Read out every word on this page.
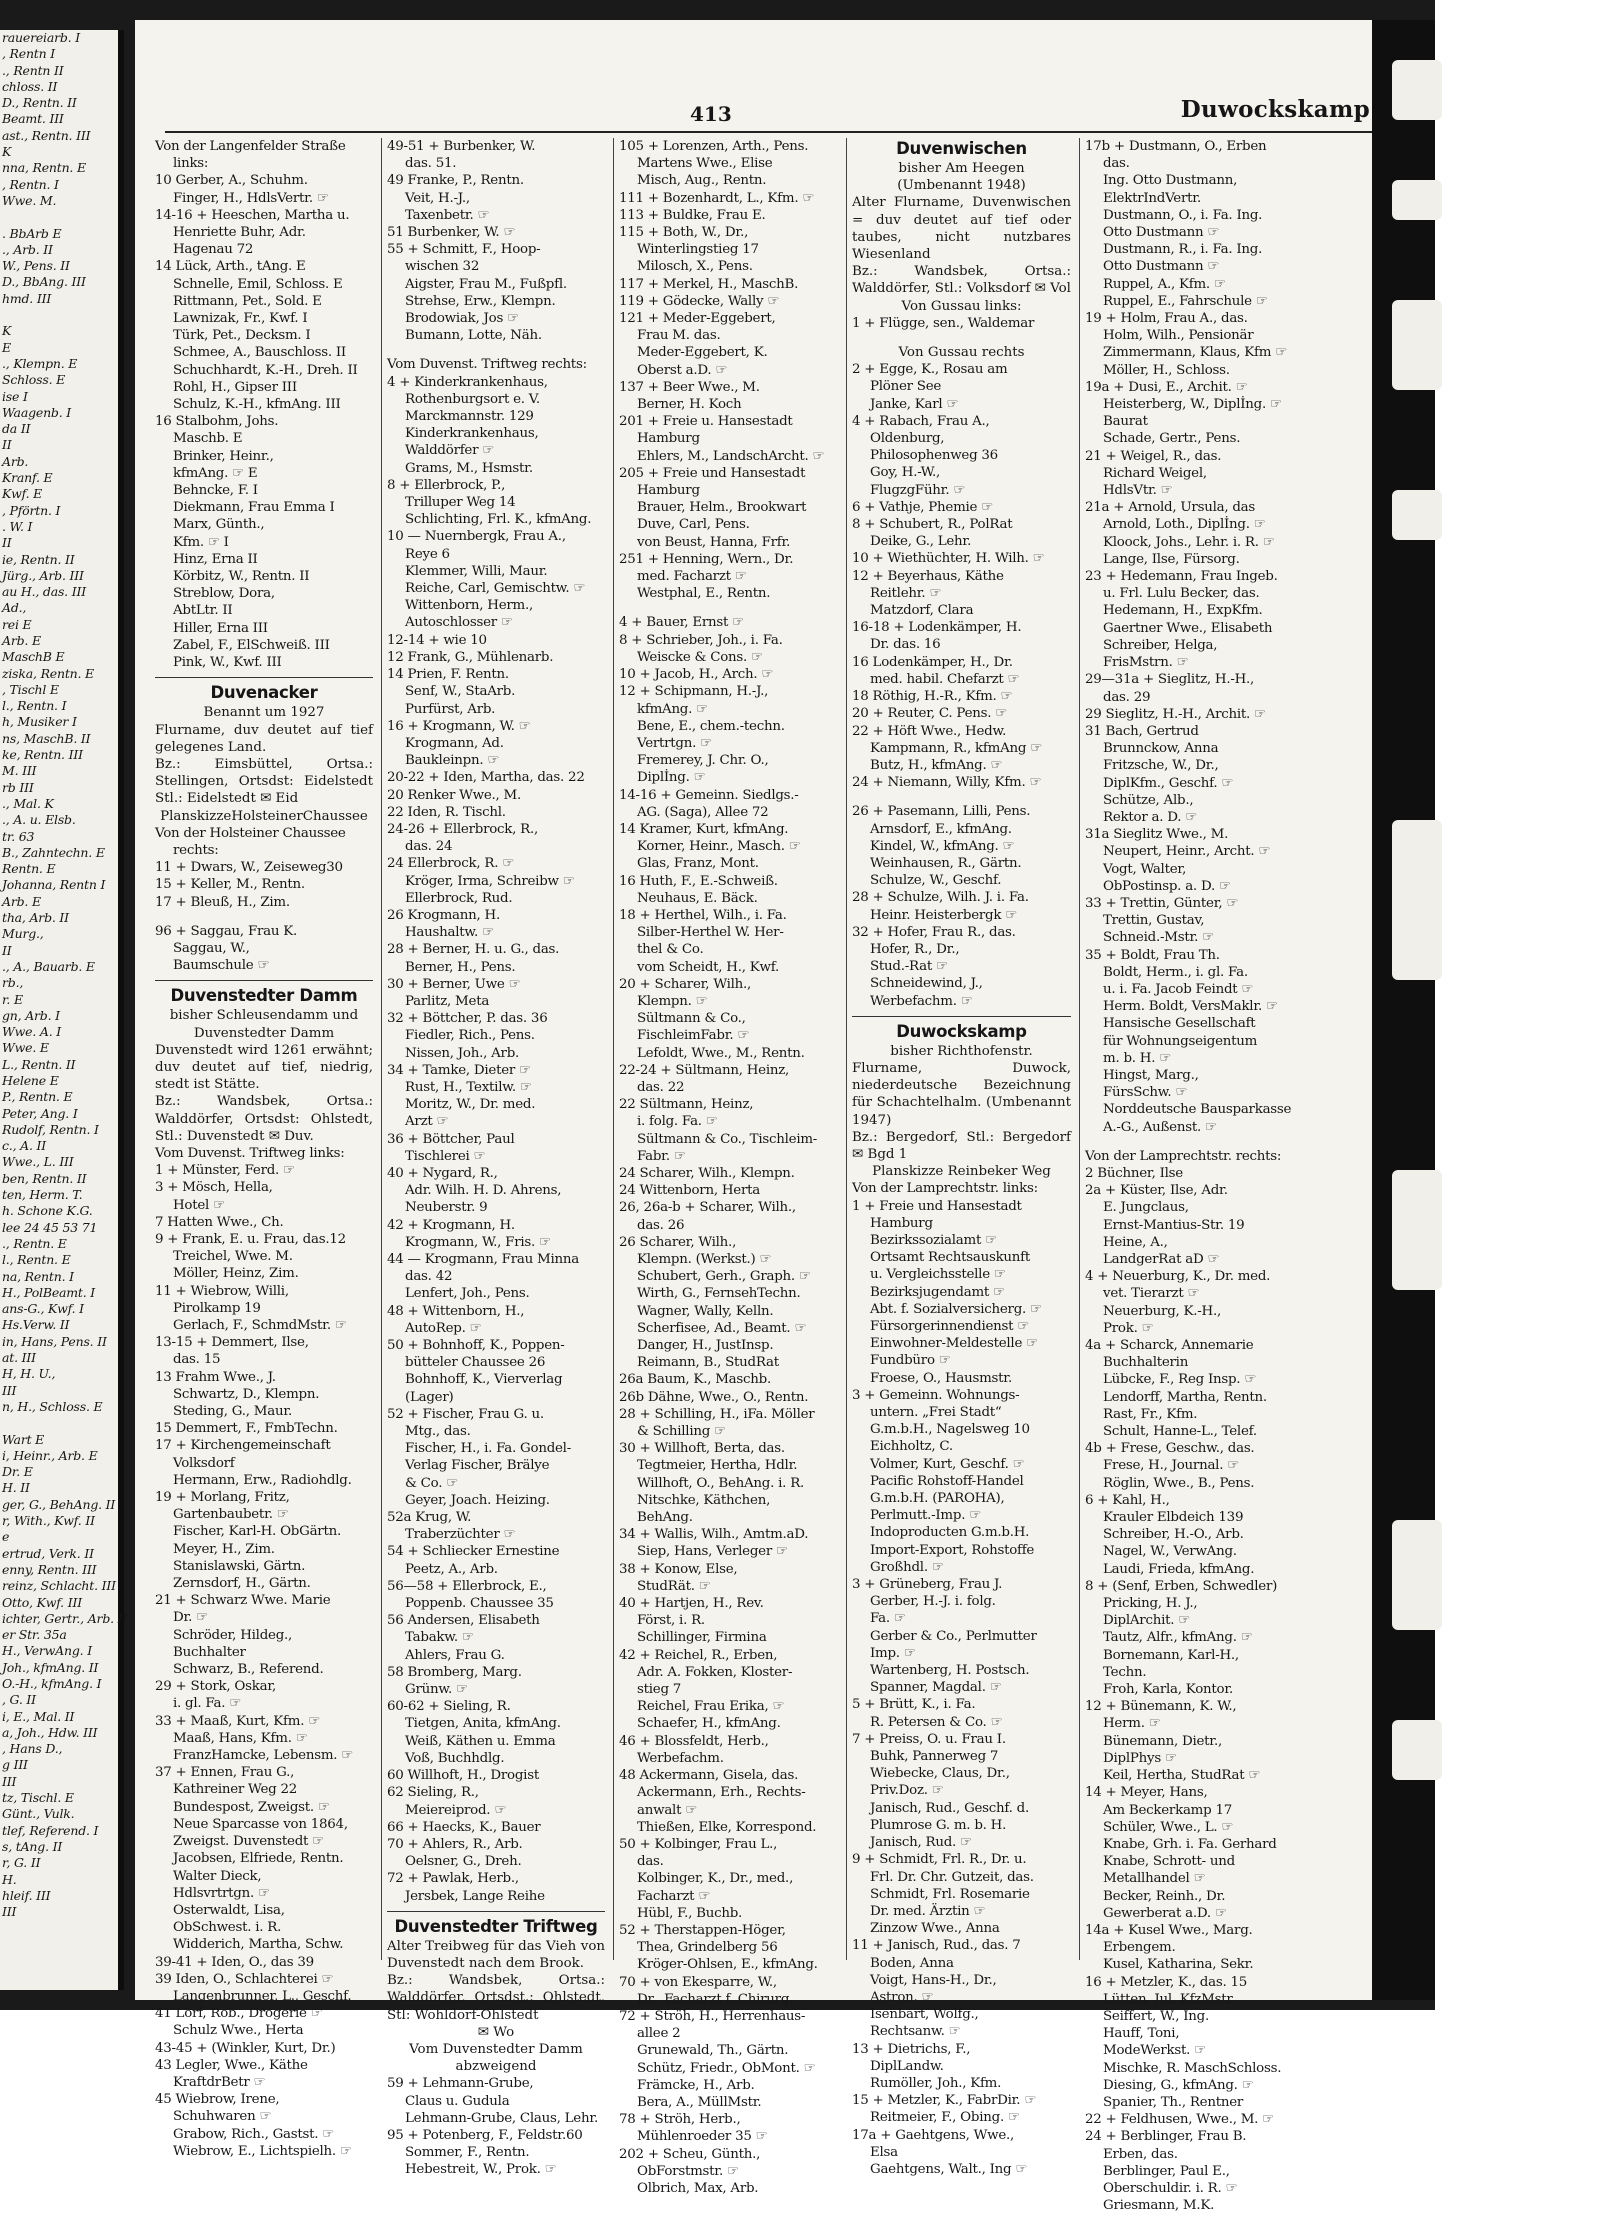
rauereiarb. I
, Rentn I
., Rentn II
chloss. II
D., Rentn. II
Beamt. III
ast., Rentn. III
K
nna, Rentn. E
, Rentn. I
Wwe. M.

. BbArb E
., Arb. II
W., Pens. II
D., BbAng. III
hmd. III

K
E
., Klempn. E
Schloss. E
ise I
Waagenb. I
da II
II
Arb.
Kranf. E
Kwf. E
, Pförtn. I
. W. I
II
ie, Rentn. II
Jürg., Arb. III
au H., das. III
Ad.,
rei E
Arb. E
MaschB E
ziska, Rentn. E
, Tischl E
l., Rentn. I
h, Musiker I
ns, MaschB. II
ke, Rentn. III
M. III
rb III
., Mal. K
., A. u. Elsb.
tr. 63
B., Zahntechn. E
Rentn. E
Johanna, Rentn I
Arb. E
tha, Arb. II
Murg.,
II
., A., Bauarb. E
rb.,
r. E
gn, Arb. I
Wwe. A. I
Wwe. E
L., Rentn. II
Helene E
P., Rentn. E
Peter, Ang. I
Rudolf, Rentn. I
c., A. II
Wwe., L. III
ben, Rentn. II
ten, Herm. T.
h. Schone K.G.
lee 24 45 53 71
., Rentn. E
l., Rentn. E
na, Rentn. I
H., PolBeamt. I
ans-G., Kwf. I
Hs.Verw. II
in, Hans, Pens. II
at. III
H, H. U.,
III
n, H., Schloss. E

Wart E
i, Heinr., Arb. E
Dr. E
H. II
ger, G., BehAng. II
r, With., Kwf. II
e
ertrud, Verk. II
enny, Rentn. III
reinz, Schlacht. III
Otto, Kwf. III
ichter, Gertr., Arb. II
er Str. 35a
H., VerwAng. I
Joh., kfmAng. II
O.-H., kfmAng. I
, G. II
i, E., Mal. II
a, Joh., Hdw. III
, Hans D.,
g III
III
tz, Tischl. E
Günt., Vulk.
tlef, Referend. I
s, tAng. II
r, G. II
H.
hleif. III
III
413	Duwockskamp
Von der Langenfelder Straße
links:
10 Gerber, A., Schuhm.
Finger, H., HdlsVertr. ☞
14-16 + Heeschen, Martha u.
Henriette Buhr, Adr.
Hagenau 72
14 Lück, Arth., tAng. E
Schnelle, Emil, Schloss. E
Rittmann, Pet., Sold. E
Lawnizak, Fr., Kwf. I
Türk, Pet., Decksm. I
Schmee, A., Bauschloss. II
Schuchhardt, K.-H., Dreh. II
Rohl, H., Gipser III
Schulz, K.-H., kfmAng. III
16 Stalbohm, Johs.
Maschb. E
Brinker, Heinr.,
kfmAng. ☞ E
Behncke, F. I
Diekmann, Frau Emma I
Marx, Günth.,
Kfm. ☞ I
Hinz, Erna II
Körbitz, W., Rentn. II
Streblow, Dora,
AbtLtr. II
Hiller, Erna III
Zabel, F., ElSchweiß. III
Pink, W., Kwf. III
Duvenacker
Benannt um 1927
Flurname, duv deutet auf tief gelegenes Land.
Bz.: Eimsbüttel, Ortsa.: Stellingen, Ortsdst: Eidelstedt Stl.: Eidelstedt ✉ Eid
PlanskizzeHolsteinerChaussee
Von der Holsteiner Chaussee
rechts:
11 + Dwars, W., Zeiseweg30
15 + Keller, M., Rentn.
17 + Bleuß, H., Zim.
96 + Saggau, Frau K.
Saggau, W.,
Baumschule ☞
Duvenstedter Damm
bisher Schleusendamm und
Duvenstedter Damm
Duvenstedt wird 1261 erwähnt; duv deutet auf tief, niedrig, stedt ist Stätte.
Bz.: Wandsbek, Ortsa.: Walddörfer, Ortsdst: Ohlstedt, Stl.: Duvenstedt ✉ Duv.
Vom Duvenst. Triftweg links:
1 + Münster, Ferd. ☞
3 + Mösch, Hella,
Hotel ☞
7 Hatten Wwe., Ch.
9 + Frank, E. u. Frau, das.12
Treichel, Wwe. M.
Möller, Heinz, Zim.
11 + Wiebrow, Willi,
Pirolkamp 19
Gerlach, F., SchmdMstr. ☞
13-15 + Demmert, Ilse,
das. 15
13 Frahm Wwe., J.
Schwartz, D., Klempn.
Steding, G., Maur.
15 Demmert, F., FmbTechn.
17 + Kirchengemeinschaft
Volksdorf
Hermann, Erw., Radiohdlg.
19 + Morlang, Fritz,
Gartenbaubetr. ☞
Fischer, Karl-H. ObGärtn.
Meyer, H., Zim.
Stanislawski, Gärtn.
Zernsdorf, H., Gärtn.
21 + Schwarz Wwe. Marie
Dr. ☞
Schröder, Hildeg.,
Buchhalter
Schwarz, B., Referend.
29 + Stork, Oskar,
i. gl. Fa. ☞
33 + Maaß, Kurt, Kfm. ☞
Maaß, Hans, Kfm. ☞
FranzHamcke, Lebensm. ☞
37 + Ennen, Frau G.,
Kathreiner Weg 22
Bundespost, Zweigst. ☞
Neue Sparcasse von 1864,
Zweigst. Duvenstedt ☞
Jacobsen, Elfriede, Rentn.
Walter Dieck,
Hdlsvrtrtgn. ☞
Osterwaldt, Lisa,
ObSchwest. i. R.
Widderich, Martha, Schw.
39-41 + Iden, O., das 39
39 Iden, O., Schlachterei ☞
Langenbrunner, L., Geschf.
41 Lorf, Rob., Drogerie ☞
Schulz Wwe., Herta
43-45 + (Winkler, Kurt, Dr.)
43 Legler, Wwe., Käthe
KraftdrBetr ☞
45 Wiebrow, Irene,
Schuhwaren ☞
Grabow, Rich., Gastst. ☞
Wiebrow, E., Lichtspielh. ☞
49-51 + Burbenker, W.
das. 51.
49 Franke, P., Rentn.
Veit, H.-J.,
Taxenbetr. ☞
51 Burbenker, W. ☞
55 + Schmitt, F., Hoop-
wischen 32
Aigster, Frau M., Fußpfl.
Strehse, Erw., Klempn.
Brodowiak, Jos ☞
Bumann, Lotte, Näh.
Vom Duvenst. Triftweg rechts:
4 + Kinderkrankenhaus,
Rothenburgsort e. V.
Marckmannstr. 129
Kinderkrankenhaus,
Walddörfer ☞
Grams, M., Hsmstr.
8 + Ellerbrock, P.,
Trilluper Weg 14
Schlichting, Frl. K., kfmAng.
10 — Nuernbergk, Frau A.,
Reye 6
Klemmer, Willi, Maur.
Reiche, Carl, Gemischtw. ☞
Wittenborn, Herm.,
Autoschlosser ☞
12-14 + wie 10
12 Frank, G., Mühlenarb.
14 Prien, F. Rentn.
Senf, W., StaArb.
Purfürst, Arb.
16 + Krogmann, W. ☞
Krogmann, Ad.
Baukleinpn. ☞
20-22 + Iden, Martha, das. 22
20 Renker Wwe., M.
22 Iden, R. Tischl.
24-26 + Ellerbrock, R.,
das. 24
24 Ellerbrock, R. ☞
Kröger, Irma, Schreibw ☞
Ellerbrock, Rud.
26 Krogmann, H.
Haushaltw. ☞
28 + Berner, H. u. G., das.
Berner, H., Pens.
30 + Berner, Uwe ☞
Parlitz, Meta
32 + Böttcher, P. das. 36
Fiedler, Rich., Pens.
Nissen, Joh., Arb.
34 + Tamke, Dieter ☞
Rust, H., Textilw. ☞
Moritz, W., Dr. med.
Arzt ☞
36 + Böttcher, Paul
Tischlerei ☞
40 + Nygard, R.,
Adr. Wilh. H. D. Ahrens,
Neuberstr. 9
42 + Krogmann, H.
Krogmann, W., Fris. ☞
44 — Krogmann, Frau Minna
das. 42
Lenfert, Joh., Pens.
48 + Wittenborn, H.,
AutoRep. ☞
50 + Bohnhoff, K., Poppen-
bütteler Chaussee 26
Bohnhoff, K., Vierverlag
(Lager)
52 + Fischer, Frau G. u.
Mtg., das.
Fischer, H., i. Fa. Gondel-
Verlag Fischer, Brälye
& Co. ☞
Geyer, Joach. Heizing.
52a Krug, W.
Traberzüchter ☞
54 + Schliecker Ernestine
Peetz, A., Arb.
56—58 + Ellerbrock, E.,
Poppenb. Chaussee 35
56 Andersen, Elisabeth
Tabakw. ☞
Ahlers, Frau G.
58 Bromberg, Marg.
Grünw. ☞
60-62 + Sieling, R.
Tietgen, Anita, kfmAng.
Weiß, Käthen u. Emma
Voß, Buchhdlg.
60 Willhoft, H., Drogist
62 Sieling, R.,
Meiereiprod. ☞
66 + Haecks, K., Bauer
70 + Ahlers, R., Arb.
Oelsner, G., Dreh.
72 + Pawlak, Herb.,
Jersbek, Lange Reihe
Duvenstedter Triftweg
Alter Treibweg für das Vieh von Duvenstedt nach dem Brook.
Bz.: Wandsbek, Ortsa.: Walddörfer, Ortsdst.: Ohlstedt, Stl: Wohldorf-Ohlstedt
✉ Wo
Vom Duvenstedter Damm
abzweigend
59 + Lehmann-Grube,
Claus u. Gudula
Lehmann-Grube, Claus, Lehr.
95 + Potenberg, F., Feldstr.60
Sommer, F., Rentn.
Hebestreit, W., Prok. ☞
105 + Lorenzen, Arth., Pens.
Martens Wwe., Elise
Misch, Aug., Rentn.
111 + Bozenhardt, L., Kfm. ☞
113 + Buldke, Frau E.
115 + Both, W., Dr.,
Winterlingstieg 17
Milosch, X., Pens.
117 + Merkel, H., MaschB.
119 + Gödecke, Wally ☞
121 + Meder-Eggebert,
Frau M. das.
Meder-Eggebert, K.
Oberst a.D. ☞
137 + Beer Wwe., M.
Berner, H. Koch
201 + Freie u. Hansestadt
Hamburg
Ehlers, M., LandschArcht. ☞
205 + Freie und Hansestadt
Hamburg
Brauer, Helm., Brookwart
Duve, Carl, Pens.
von Beust, Hanna, Frfr.
251 + Henning, Wern., Dr.
med. Facharzt ☞
Westphal, E., Rentn.
4 + Bauer, Ernst ☞
8 + Schrieber, Joh., i. Fa.
Weiscke & Cons. ☞
10 + Jacob, H., Arch. ☞
12 + Schipmann, H.-J.,
kfmAng. ☞
Bene, E., chem.-techn.
Vertrtgn. ☞
Fremerey, J. Chr. O.,
Diplİng. ☞
14-16 + Gemeinn. Siedlgs.-
AG. (Saga), Allee 72
14 Kramer, Kurt, kfmAng.
Korner, Heinr., Masch. ☞
Glas, Franz, Mont.
16 Huth, F., E.-Schweiß.
Neuhaus, E. Bäck.
18 + Herthel, Wilh., i. Fa.
Silber-Herthel W. Her-
thel & Co.
vom Scheidt, H., Kwf.
20 + Scharer, Wilh.,
Klempn. ☞
Sültmann & Co.,
FischleimFabr. ☞
Lefoldt, Wwe., M., Rentn.
22-24 + Sültmann, Heinz,
das. 22
22 Sültmann, Heinz,
i. folg. Fa. ☞
Sültmann & Co., Tischleim-
Fabr. ☞
24 Scharer, Wilh., Klempn.
24 Wittenborn, Herta
26, 26a-b + Scharer, Wilh.,
das. 26
26 Scharer, Wilh.,
Klempn. (Werkst.) ☞
Schubert, Gerh., Graph. ☞
Wirth, G., FernsehTechn.
Wagner, Wally, Kelln.
Scherfisee, Ad., Beamt. ☞
Danger, H., JustInsp.
Reimann, B., StudRat
26a Baum, K., Maschb.
26b Dähne, Wwe., O., Rentn.
28 + Schilling, H., iFa. Möller
& Schilling ☞
30 + Willhoft, Berta, das.
Tegtmeier, Hertha, Hdlr.
Willhoft, O., BehAng. i. R.
Nitschke, Käthchen,
BehAng.
34 + Wallis, Wilh., Amtm.aD.
Siep, Hans, Verleger ☞
38 + Konow, Else,
StudRät. ☞
40 + Hartjen, H., Rev.
Först, i. R.
Schillinger, Firmina
42 + Reichel, R., Erben,
Adr. A. Fokken, Kloster-
stieg 7
Reichel, Frau Erika, ☞
Schaefer, H., kfmAng.
46 + Blossfeldt, Herb.,
Werbefachm.
48 Ackermann, Gisela, das.
Ackermann, Erh., Rechts-
anwalt ☞
Thießen, Elke, Korrespond.
50 + Kolbinger, Frau L.,
das.
Kolbinger, K., Dr., med.,
Facharzt ☞
Hübl, F., Buchb.
52 + Therstappen-Höger,
Thea, Grindelberg 56
Kröger-Ohlsen, E., kfmAng.
70 + von Ekesparre, W.,
Dr., Facharzt f. Chirurg.
72 + Ströh, H., Herrenhaus-
allee 2
Grunewald, Th., Gärtn.
Schütz, Friedr., ObMont. ☞
Främcke, H., Arb.
Bera, A., MüllMstr.
78 + Ströh, Herb.,
Mühlenroeder 35 ☞
202 + Scheu, Günth.,
ObForstmstr. ☞
Olbrich, Max, Arb.
Duvenwischen
bisher Am Heegen
(Umbenannt 1948)
Alter Flurname, Duvenwischen = duv deutet auf tief oder taubes, nicht nutzbares Wiesenland
Bz.: Wandsbek, Ortsa.: Walddörfer, Stl.: Volksdorf ✉ Vol
Von Gussau links:
1 + Flügge, sen., Waldemar
Von Gussau rechts
2 + Egge, K., Rosau am
Plöner See
Janke, Karl ☞
4 + Rabach, Frau A.,
Oldenburg,
Philosophenweg 36
Goy, H.-W.,
FlugzgFühr. ☞
6 + Vathje, Phemie ☞
8 + Schubert, R., PolRat
Deike, G., Lehr.
10 + Wiethüchter, H. Wilh. ☞
12 + Beyerhaus, Käthe
Reitlehr. ☞
Matzdorf, Clara
16-18 + Lodenkämper, H.
Dr. das. 16
16 Lodenkämper, H., Dr.
med. habil. Chefarzt ☞
18 Röthig, H.-R., Kfm. ☞
20 + Reuter, C. Pens. ☞
22 + Höft Wwe., Hedw.
Kampmann, R., kfmAng ☞
Butz, H., kfmAng. ☞
24 + Niemann, Willy, Kfm. ☞
26 + Pasemann, Lilli, Pens.
Arnsdorf, E., kfmAng.
Kindel, W., kfmAng. ☞
Weinhausen, R., Gärtn.
Schulze, W., Geschf.
28 + Schulze, Wilh. J. i. Fa.
Heinr. Heisterbergk ☞
32 + Hofer, Frau R., das.
Hofer, R., Dr.,
Stud.-Rat ☞
Schneidewind, J.,
Werbefachm. ☞
Duwockskamp
bisher Richthofenstr.
Flurname, Duwock, niederdeutsche Bezeichnung für Schachtelhalm. (Umbenannt 1947)
Bz.: Bergedorf, Stl.: Bergedorf ✉ Bgd 1
Planskizze Reinbeker Weg
Von der Lamprechtstr. links:
1 + Freie und Hansestadt
Hamburg
Bezirkssozialamt ☞
Ortsamt Rechtsauskunft
u. Vergleichsstelle ☞
Bezirksjugendamt ☞
Abt. f. Sozialversicherg. ☞
Fürsorgerinnendienst ☞
Einwohner-Meldestelle ☞
Fundbüro ☞
Froese, O., Hausmstr.
3 + Gemeinn. Wohnungs-
untern. „Frei Stadt“
G.m.b.H., Nagelsweg 10
Eichholtz, C.
Volmer, Kurt, Geschf. ☞
Pacific Rohstoff-Handel
G.m.b.H. (PAROHA),
Perlmutt.-Imp. ☞
Indoproducten G.m.b.H.
Import-Export, Rohstoffe
Großhdl. ☞
3 + Grüneberg, Frau J.
Gerber, H.-J. i. folg.
Fa. ☞
Gerber & Co., Perlmutter
Imp. ☞
Wartenberg, H. Postsch.
Spanner, Magdal. ☞
5 + Brütt, K., i. Fa.
R. Petersen & Co. ☞
7 + Preiss, O. u. Frau I.
Buhk, Pannerweg 7
Wiebecke, Claus, Dr.,
Priv.Doz. ☞
Janisch, Rud., Geschf. d.
Plumrose G. m. b. H.
Janisch, Rud. ☞
9 + Schmidt, Frl. R., Dr. u.
Frl. Dr. Chr. Gutzeit, das.
Schmidt, Frl. Rosemarie
Dr. med. Ärztin ☞
Zinzow Wwe., Anna
11 + Janisch, Rud., das. 7
Boden, Anna
Voigt, Hans-H., Dr.,
Astron. ☞
Isenbart, Wolfg.,
Rechtsanw. ☞
13 + Dietrichs, F.,
DiplLandw.
Rumöller, Joh., Kfm.
15 + Metzler, K., FabrDir. ☞
Reitmeier, F., Obing. ☞
17a + Gaehtgens, Wwe.,
Elsa
Gaehtgens, Walt., Ing ☞
17b + Dustmann, O., Erben
das.
Ing. Otto Dustmann,
ElektrIndVertr.
Dustmann, O., i. Fa. Ing.
Otto Dustmann ☞
Dustmann, R., i. Fa. Ing.
Otto Dustmann ☞
Ruppel, A., Kfm. ☞
Ruppel, E., Fahrschule ☞
19 + Holm, Frau A., das.
Holm, Wilh., Pensionär
Zimmermann, Klaus, Kfm ☞
Möller, H., Schloss.
19a + Dusi, E., Archit. ☞
Heisterberg, W., Diplİng. ☞
Baurat
Schade, Gertr., Pens.
21 + Weigel, R., das.
Richard Weigel,
HdlsVtr. ☞
21a + Arnold, Ursula, das
Arnold, Loth., Diplİng. ☞
Kloock, Johs., Lehr. i. R. ☞
Lange, Ilse, Fürsorg.
23 + Hedemann, Frau Ingeb.
u. Frl. Lulu Becker, das.
Hedemann, H., ExpKfm.
Gaertner Wwe., Elisabeth
Schreiber, Helga,
FrisMstrn. ☞
29—31a + Sieglitz, H.-H.,
das. 29
29 Sieglitz, H.-H., Archit. ☞
31 Bach, Gertrud
Brunnckow, Anna
Fritzsche, W., Dr.,
DiplKfm., Geschf. ☞
Schütze, Alb.,
Rektor a. D. ☞
31a Sieglitz Wwe., M.
Neupert, Heinr., Archt. ☞
Vogt, Walter,
ObPostinsp. a. D. ☞
33 + Trettin, Günter, ☞
Trettin, Gustav,
Schneid.-Mstr. ☞
35 + Boldt, Frau Th.
Boldt, Herm., i. gl. Fa.
u. i. Fa. Jacob Feindt ☞
Herm. Boldt, VersMaklr. ☞
Hansische Gesellschaft
für Wohnungseigentum
m. b. H. ☞
Hingst, Marg.,
FürsSchw. ☞
Norddeutsche Bausparkasse
A.-G., Außenst. ☞
Von der Lamprechtstr. rechts:
2 Büchner, Ilse
2a + Küster, Ilse, Adr.
E. Jungclaus,
Ernst-Mantius-Str. 19
Heine, A.,
LandgerRat aD ☞
4 + Neuerburg, K., Dr. med.
vet. Tierarzt ☞
Neuerburg, K.-H.,
Prok. ☞
4a + Scharck, Annemarie
Buchhalterin
Lübcke, F., Reg Insp. ☞
Lendorff, Martha, Rentn.
Rast, Fr., Kfm.
Schult, Hanne-L., Telef.
4b + Frese, Geschw., das.
Frese, H., Journal. ☞
Röglin, Wwe., B., Pens.
6 + Kahl, H.,
Krauler Elbdeich 139
Schreiber, H.-O., Arb.
Nagel, W., VerwAng.
Laudi, Frieda, kfmAng.
8 + (Senf, Erben, Schwedler)
Pricking, H. J.,
DiplArchit. ☞
Tautz, Alfr., kfmAng. ☞
Bornemann, Karl-H.,
Techn.
Froh, Karla, Kontor.
12 + Bünemann, K. W.,
Herm. ☞
Bünemann, Dietr.,
DiplPhys ☞
Keil, Hertha, StudRat ☞
14 + Meyer, Hans,
Am Beckerkamp 17
Schüler, Wwe., L. ☞
Knabe, Grh. i. Fa. Gerhard
Knabe, Schrott- und
Metallhandel ☞
Becker, Reinh., Dr.
Gewerberat a.D. ☞
14a + Kusel Wwe., Marg.
Erbengem.
Kusel, Katharina, Sekr.
16 + Metzler, K., das. 15
Lütten, Jul, KfzMstr
Seiffert, W., Ing.
Hauff, Toni,
ModeWerkst. ☞
Mischke, R. MaschSchloss.
Diesing, G., kfmAng. ☞
Spanier, Th., Rentner
22 + Feldhusen, Wwe., M. ☞
24 + Berblinger, Frau B.
Erben, das.
Berblinger, Paul E.,
Oberschuldir. i. R. ☞
Griesmann, M.K.
